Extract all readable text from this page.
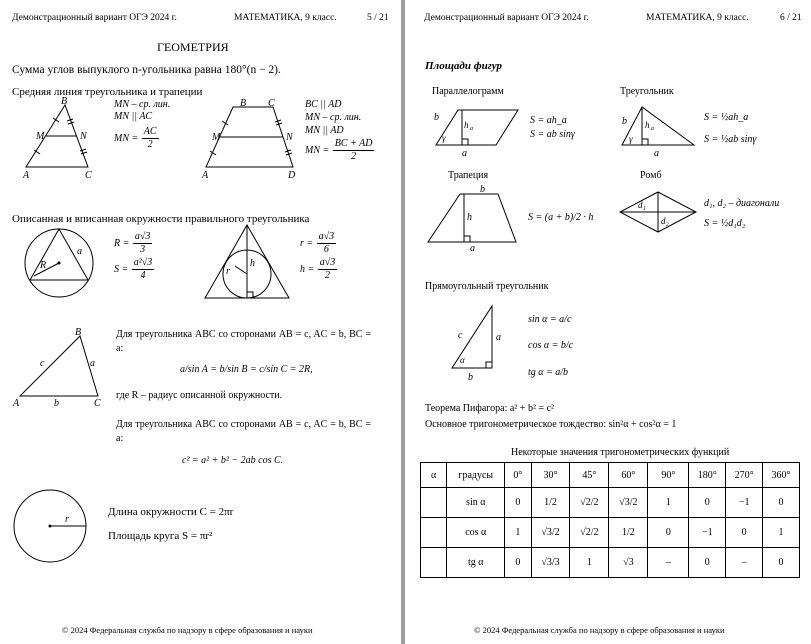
Демонстрационный вариант ОГЭ 2024 г.	МАТЕМАТИКА, 9 класс.	5 / 21
ГЕОМЕТРИЯ
Сумма углов выпуклого n-угольника равна 180°(n − 2).
Средняя линия треугольника и трапеции
B
M	N
A	C
MN – ср. лин.
MN || AC
MN = $\frac{AC}{2}$
B C
M	N
A	D
BC || AD
MN – ср. лин.
MN || AD
MN = $\frac{BC + AD}{2}$
Описанная и вписанная окружности правильного треугольника
R
a
$R = \frac{a√3}{3}$
$S = \frac{\text{a²√3}}{4}$	r
h
$r = \frac{a√3}{6}$
$h = \frac{a√3}{2}$
B
c	a
A	b	C
Для треугольника ABC со сторонами AB = c, AC = b, BC = a:
a/sin A = b/sin B = c/sin C = 2R,
где R – радиус описанной окружности.
Для треугольника ABC со сторонами AB = c, AC = b, BC = a:
c² = a² + b² − 2ab cos C.
r
Длина окружности C = 2πr
Площадь круга S = πr²
© 2024 Федеральная служба по надзору в сфере образования и науки
Демонстрационный вариант ОГЭ 2024 г.	МАТЕМАТИКА, 9 класс.	6 / 21
Площади фигур
Параллелограмм
b
γ
h a
a
S = ah_a
S = ab sinγ
Треугольник
b
γ
h a
a
S = ½ah_a
S = ½ab sinγ
Трапеция
b
h
a
S = (a + b)/2 · h
Ромб
d₁
d₂
d₁, d₂ – диагонали
S = ½d₁d₂
Прямоугольный треугольник
c	a
α
b
sin α = a/c
cos α = b/c
tg α = a/b
Теорема Пифагора: a² + b² = c²
Основное тригонометрическое тождество: sin²α + cos²α = 1
Некоторые значения тригонометрических функций
α	градусы	0°	30°	45°	60°	90°	180°	270°	360°
	sin α	0	1/2	√2/2	√3/2	1	0	−1	0
	cos α	1	√3/2	√2/2	1/2	0	−1	0	1
	tg α	0	√3/3	1	√3	–	0	–	0
© 2024 Федеральная служба по надзору в сфере образования и науки
